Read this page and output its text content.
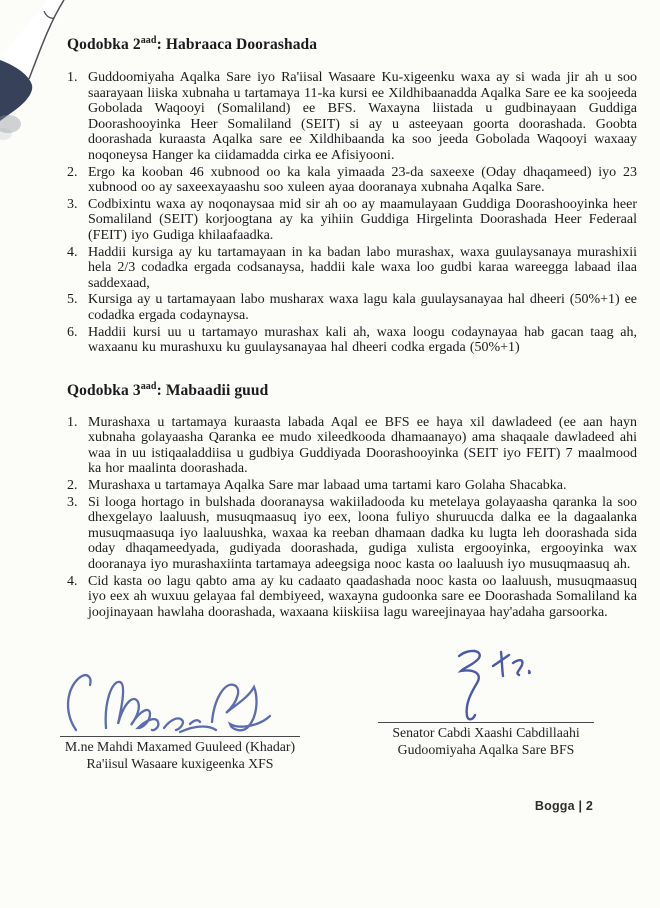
Qodobka $2^{aad}$: Habraaca Doorashada
1. Guddoomiyaha Aqalka Sare iyo Ra'iisal Wasaare Ku-xigeenku waxa ay si wada jir ah u soo saarayaan liiska xubnaha u tartamaya 11-ka kursi ee Xildhibaanadda Aqalka Sare ee ka soojeeda Gobolada Waqooyi (Somaliland) ee BFS. Waxayna liistada u gudbinayaan Guddiga Doorashooyinka Heer Somaliland (SEIT) si ay u asteeyaan goorta doorashada. Goobta doorashada kuraasta Aqalka sare ee Xildhibaanda ka soo jeeda Gobolada Waqooyi waxaay noqoneysa Hanger ka ciidamadda cirka ee Afisiyooni.
2. Ergo ka kooban 46 xubnood oo ka kala yimaada 23-da saxeexe (Oday dhaqameed) iyo 23 xubnood oo ay saxeexayaashu soo xuleen ayaa dooranaya xubnaha Aqalka Sare.
3. Codbixintu waxa ay noqonaysaa mid sir ah oo ay maamulayaan Guddiga Doorashooyinka heer Somaliland (SEIT) korjoogtana ay ka yihiin Guddiga Hirgelinta Doorashada Heer Federaal (FEIT) iyo Gudiga khilaafaadka.
4. Haddii kursiga ay ku tartamayaan in ka badan labo murashax, waxa guulaysanaya murashixii hela 2/3 codadka ergada codsanaysa, haddii kale waxa loo gudbi karaa wareegga labaad ilaa saddexaad,
5. Kursiga ay u tartamayaan labo musharax waxa lagu kala guulaysanayaa hal dheeri (50%+1) ee codadka ergada codaynaysa.
6. Haddii kursi uu u tartamayo murashax kali ah, waxa loogu codaynayaa hab gacan taag ah, waxaanu ku murashuxu ku guulaysanayaa hal dheeri codka ergada (50%+1)
Qodobka $3^{aad}$: Mabaadii guud
1. Murashaxa u tartamaya kuraasta labada Aqal ee BFS ee haya xil dawladeed (ee aan hayn xubnaha golayaasha Qaranka ee mudo xileedkooda dhamaanayo) ama shaqaale dawladeed ahi waa in uu istiqaaladdiisa u gudbiya Guddiyada Doorashooyinka (SEIT iyo FEIT) 7 maalmood ka hor maalinta doorashada.
2. Murashaxa u tartamaya Aqalka Sare mar labaad uma tartami karo Golaha Shacabka.
3. Si looga hortago in bulshada dooranaysa wakiiladooda ku metelaya golayaasha qaranka la soo dhexgelayo laaluush, musuqmaasuq iyo eex, loona fuliyo shuruucda dalka ee la dagaalanka musuqmaasuqa iyo laaluushka, waxaa ka reeban dhamaan dadka ku lugta leh doorashada sida oday dhaqameedyada, gudiyada doorashada, gudiga xulista ergooyinka, ergooyinka wax dooranaya iyo murashaxiinta tartamaya adeegsiga nooc kasta oo laaluush iyo musuqmaasuq ah.
4. Cid kasta oo lagu qabto ama ay ku cadaato qaadashada nooc kasta oo laaluush, musuqmaasuq iyo eex ah wuxuu gelayaa fal dembiyeed, waxayna gudoonka sare ee Doorashada Somaliland ka joojinayaan hawlaha doorashada, waxaana kiiskiisa lagu wareejinayaa hay'adaha garsoorka.
M.ne Mahdi Maxamed Guuleed (Khadar)
Ra'iisul Wasaare kuxigeenka XFS
Senator Cabdi Xaashi Cabdillaahi
Gudoomiyaha Aqalka Sare BFS
Bogga | 2
